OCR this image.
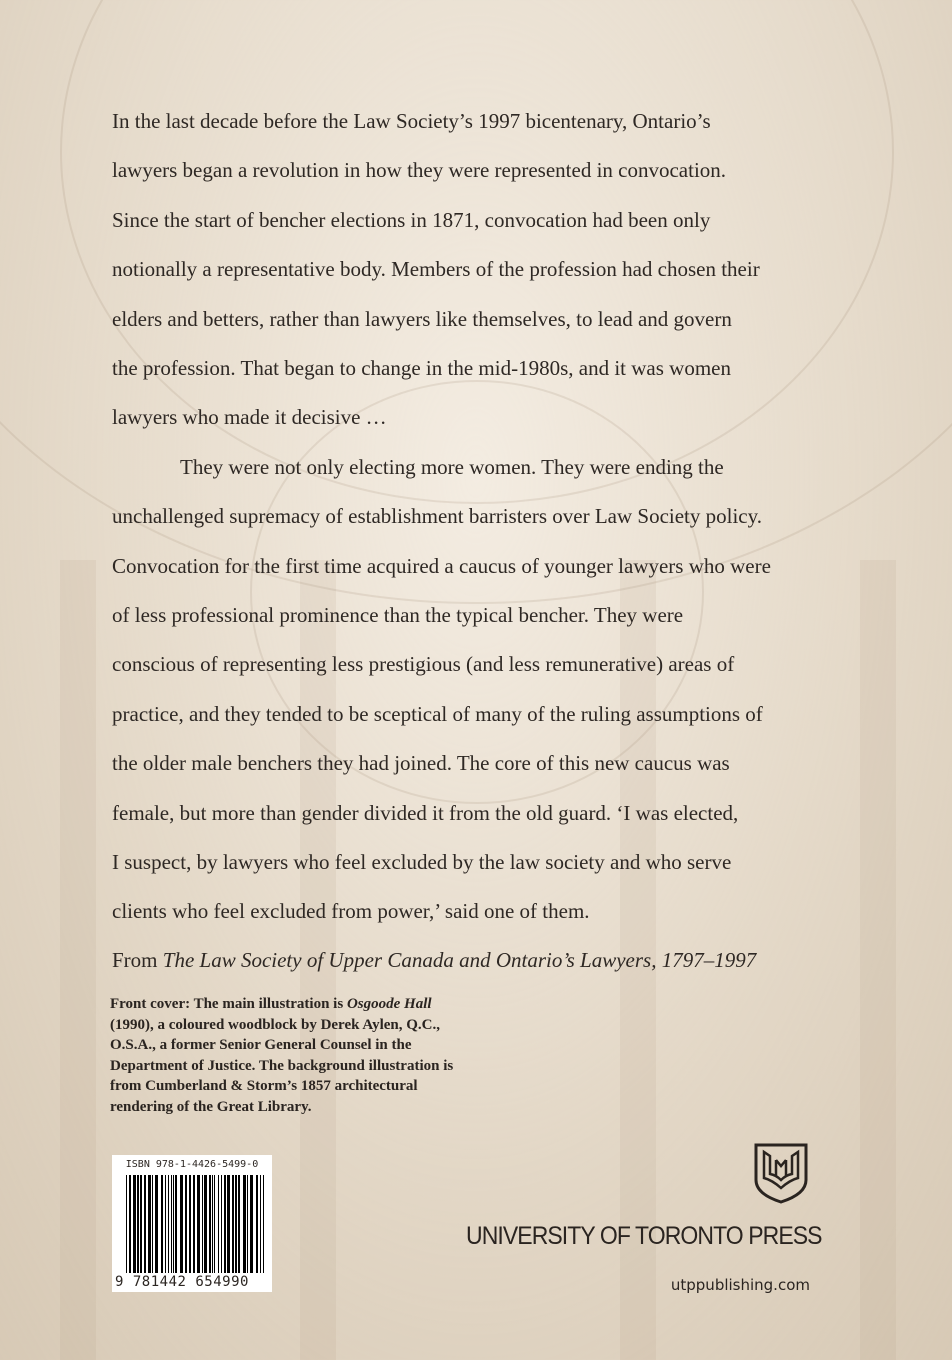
In the last decade before the Law Society’s 1997 bicentenary, Ontario’s
lawyers began a revolution in how they were represented in convocation.
Since the start of bencher elections in 1871, convocation had been only
notionally a representative body. Members of the profession had chosen their
elders and betters, rather than lawyers like themselves, to lead and govern
the profession. That began to change in the mid-1980s, and it was women
lawyers who made it decisive …
They were not only electing more women. They were ending the
unchallenged supremacy of establishment barristers over Law Society policy.
Convocation for the first time acquired a caucus of younger lawyers who were
of less professional prominence than the typical bencher. They were
conscious of representing less prestigious (and less remunerative) areas of
practice, and they tended to be sceptical of many of the ruling assumptions of
the older male benchers they had joined. The core of this new caucus was
female, but more than gender divided it from the old guard. ‘I was elected,
I suspect, by lawyers who feel excluded by the law society and who serve
clients who feel excluded from power,’ said one of them.
From The Law Society of Upper Canada and Ontario’s Lawyers, 1797–1997
Front cover: The main illustration is Osgoode Hall (1990), a coloured woodblock by Derek Aylen, Q.C., O.S.A., a former Senior General Counsel in the Department of Justice. The background illustration is from Cumberland & Storm’s 1857 architectural rendering of the Great Library.
ISBN 978-1-4426-5499-0
9 781442 654990
UNIVERSITY OF TORONTO PRESS
utppublishing.com
